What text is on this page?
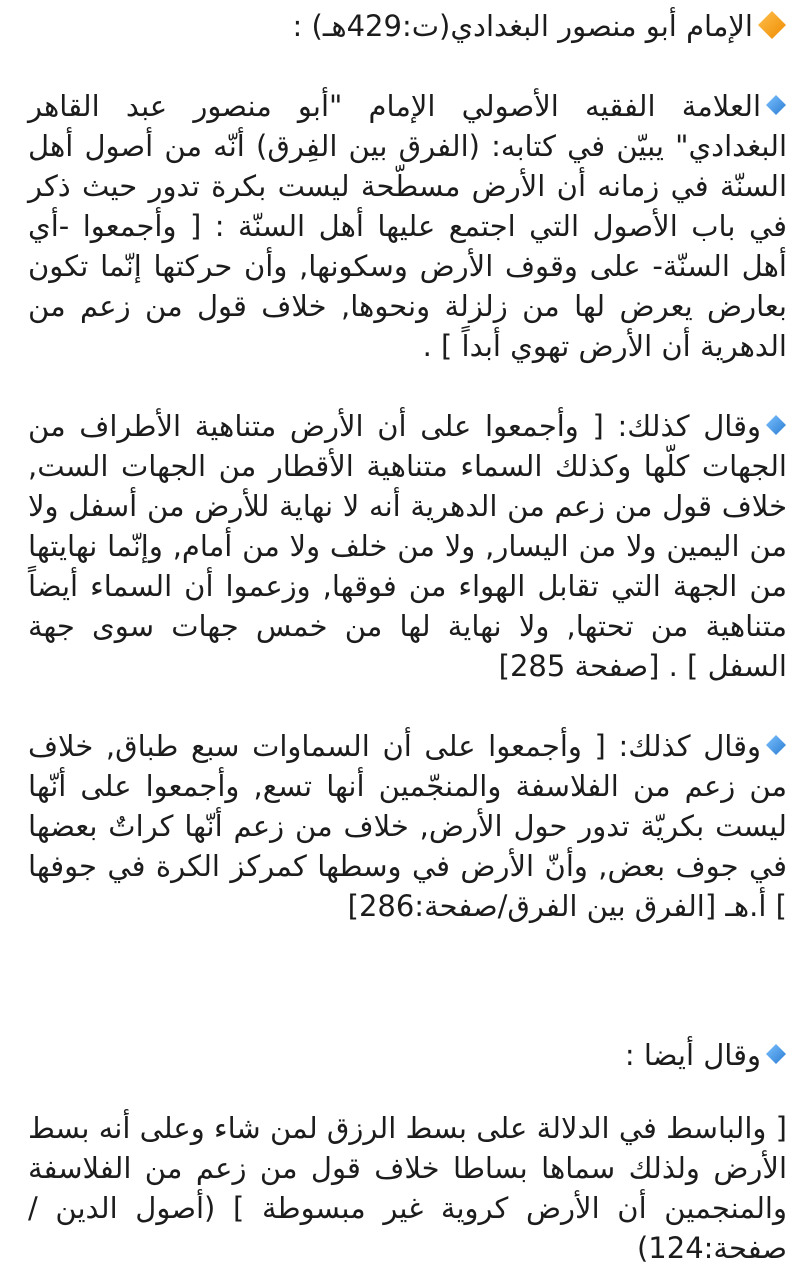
الإمام أبو منصور البغدادي(ت:429هـ) :

العلامة الفقيه الأصولي الإمام "أبو منصور عبد القاهر البغدادي" يبيّن في كتابه: (الفرق بين الفِرق) أنّه من أصول أهل السنّة في زمانه أن الأرض مسطّحة ليست بكرة تدور حيث ذكر في باب الأصول التي اجتمع عليها أهل السنّة : [ وأجمعوا -أي أهل السنّة- على وقوف الأرض وسكونها, وأن حركتها إنّما تكون بعارض يعرض لها من زلزلة ونحوها, خلاف قول من زعم من الدهرية أن الأرض تهوي أبداً ] .

وقال كذلك: [ وأجمعوا على أن الأرض متناهية الأطراف من الجهات كلّها وكذلك السماء متناهية الأقطار من الجهات الست, خلاف قول من زعم من الدهرية أنه لا نهاية للأرض من أسفل ولا من اليمين ولا من اليسار, ولا من خلف ولا من أمام, وإنّما نهايتها من الجهة التي تقابل الهواء من فوقها, وزعموا أن السماء أيضاً متناهية من تحتها, ولا نهاية لها من خمس جهات سوى جهة السفل ] . [صفحة 285]

وقال كذلك: [ وأجمعوا على أن السماوات سبع طباق, خلاف من زعم من الفلاسفة والمنجّمين أنها تسع, وأجمعوا على أنّها ليست بكريّة تدور حول الأرض, خلاف من زعم أنّها كراتٌ بعضها في جوف بعض, وأنّ الأرض في وسطها كمركز الكرة في جوفها ] أ.هـ [الفرق بين الفرق/صفحة:286]

وقال أيضا :
[ والباسط في الدلالة على بسط الرزق لمن شاء وعلى أنه بسط الأرض ولذلك سماها بساطا خلاف قول من زعم من الفلاسفة والمنجمين أن الأرض كروية غير مبسوطة ] (أصول الدين /صفحة:124)
